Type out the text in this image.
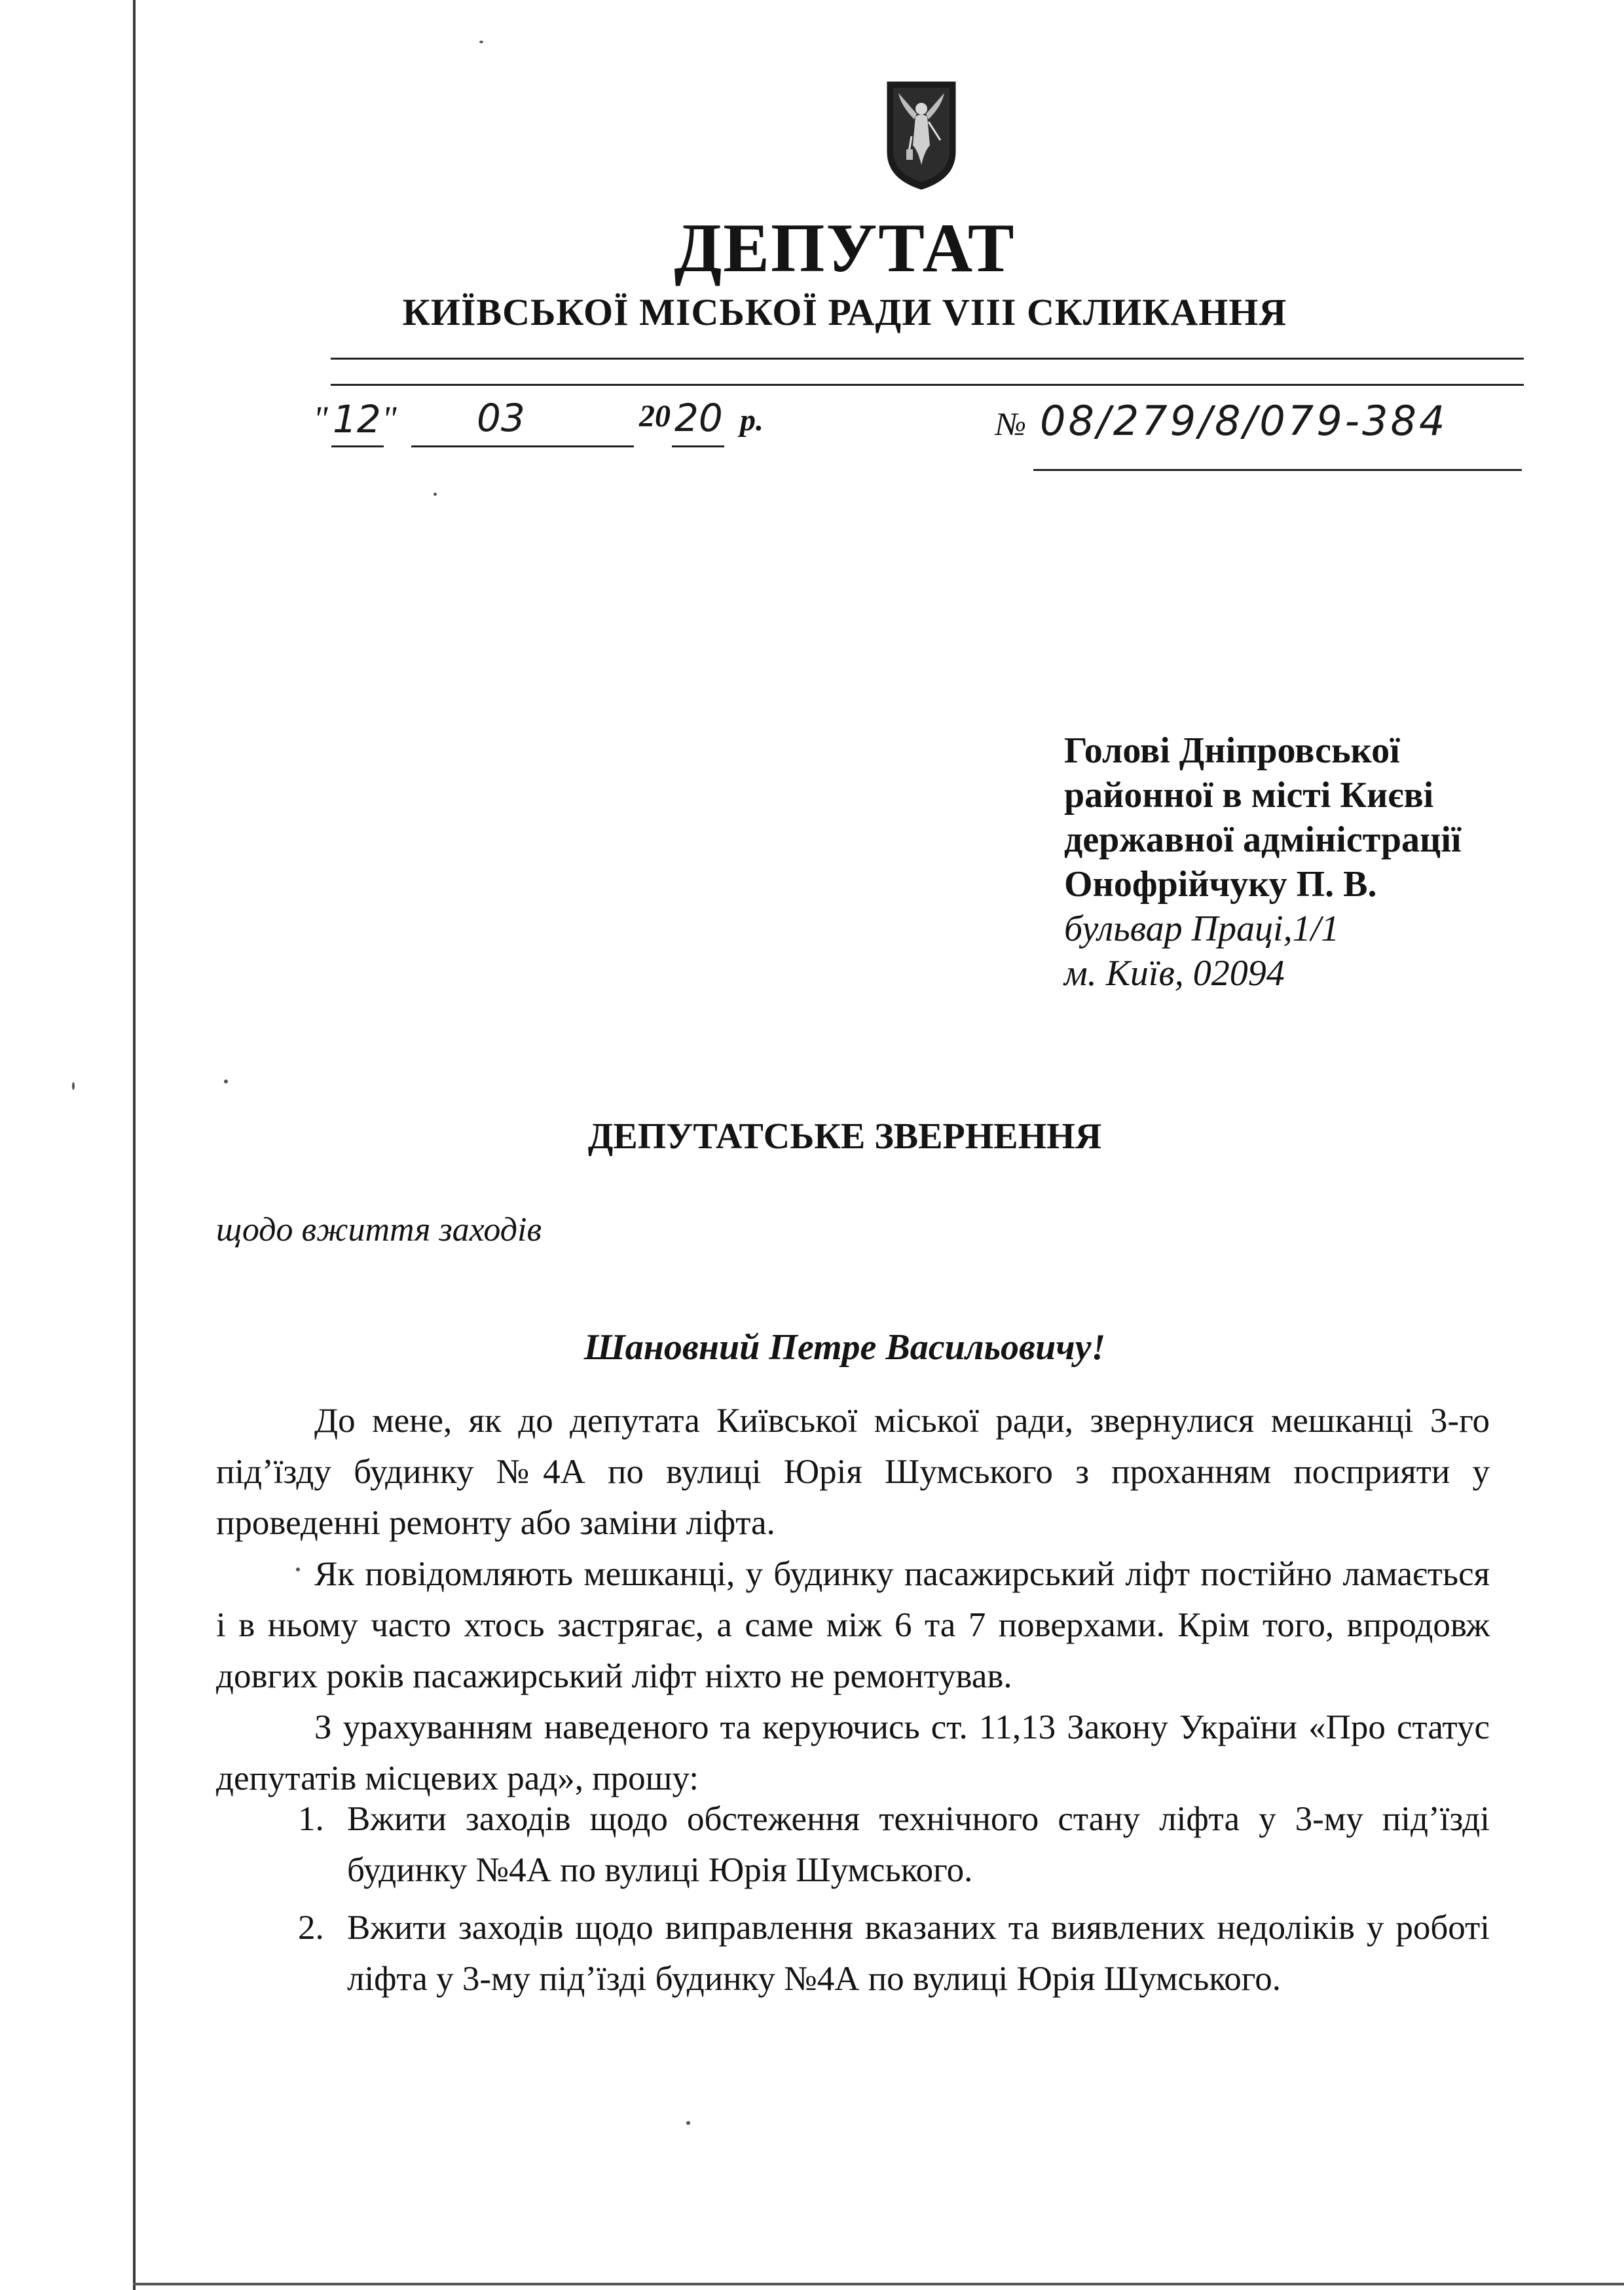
ДЕПУТАТ
КИЇВСЬКОЇ МІСЬКОЇ РАДИ VIII СКЛИКАННЯ
" 12 " 03	20 20 р.	№ 08/279/8/079-384
Голові Дніпровської
районної в місті Києві
державної адміністрації
Онофрійчуку П. В.
бульвар Праці,1/1
м. Київ, 02094
ДЕПУТАТСЬКЕ ЗВЕРНЕННЯ
щодо вжиття заходів
Шановний Петре Васильовичу!

До мене, як до депутата Київської міської ради, звернулися мешканці 3-го під’їзду будинку №4А по вулиці Юрія Шумського з проханням посприяти у проведенні ремонту або заміни ліфта.

Як повідомляють мешканці, у будинку пасажирський ліфт постійно ламається і в ньому часто хтось застрягає, а саме між 6 та 7 поверхами. Крім того, впродовж довгих років пасажирський ліфт ніхто не ремонтував.

З урахуванням наведеного та керуючись ст. 11,13 Закону України «Про статус депутатів місцевих рад», прошу:

1. Вжити заходів щодо обстеження технічного стану ліфта у 3-му під’їзді будинку №4А по вулиці Юрія Шумського.
2. Вжити заходів щодо виправлення вказаних та виявлених недоліків у роботі ліфта у 3-му під’їзді будинку №4А по вулиці Юрія Шумського.
